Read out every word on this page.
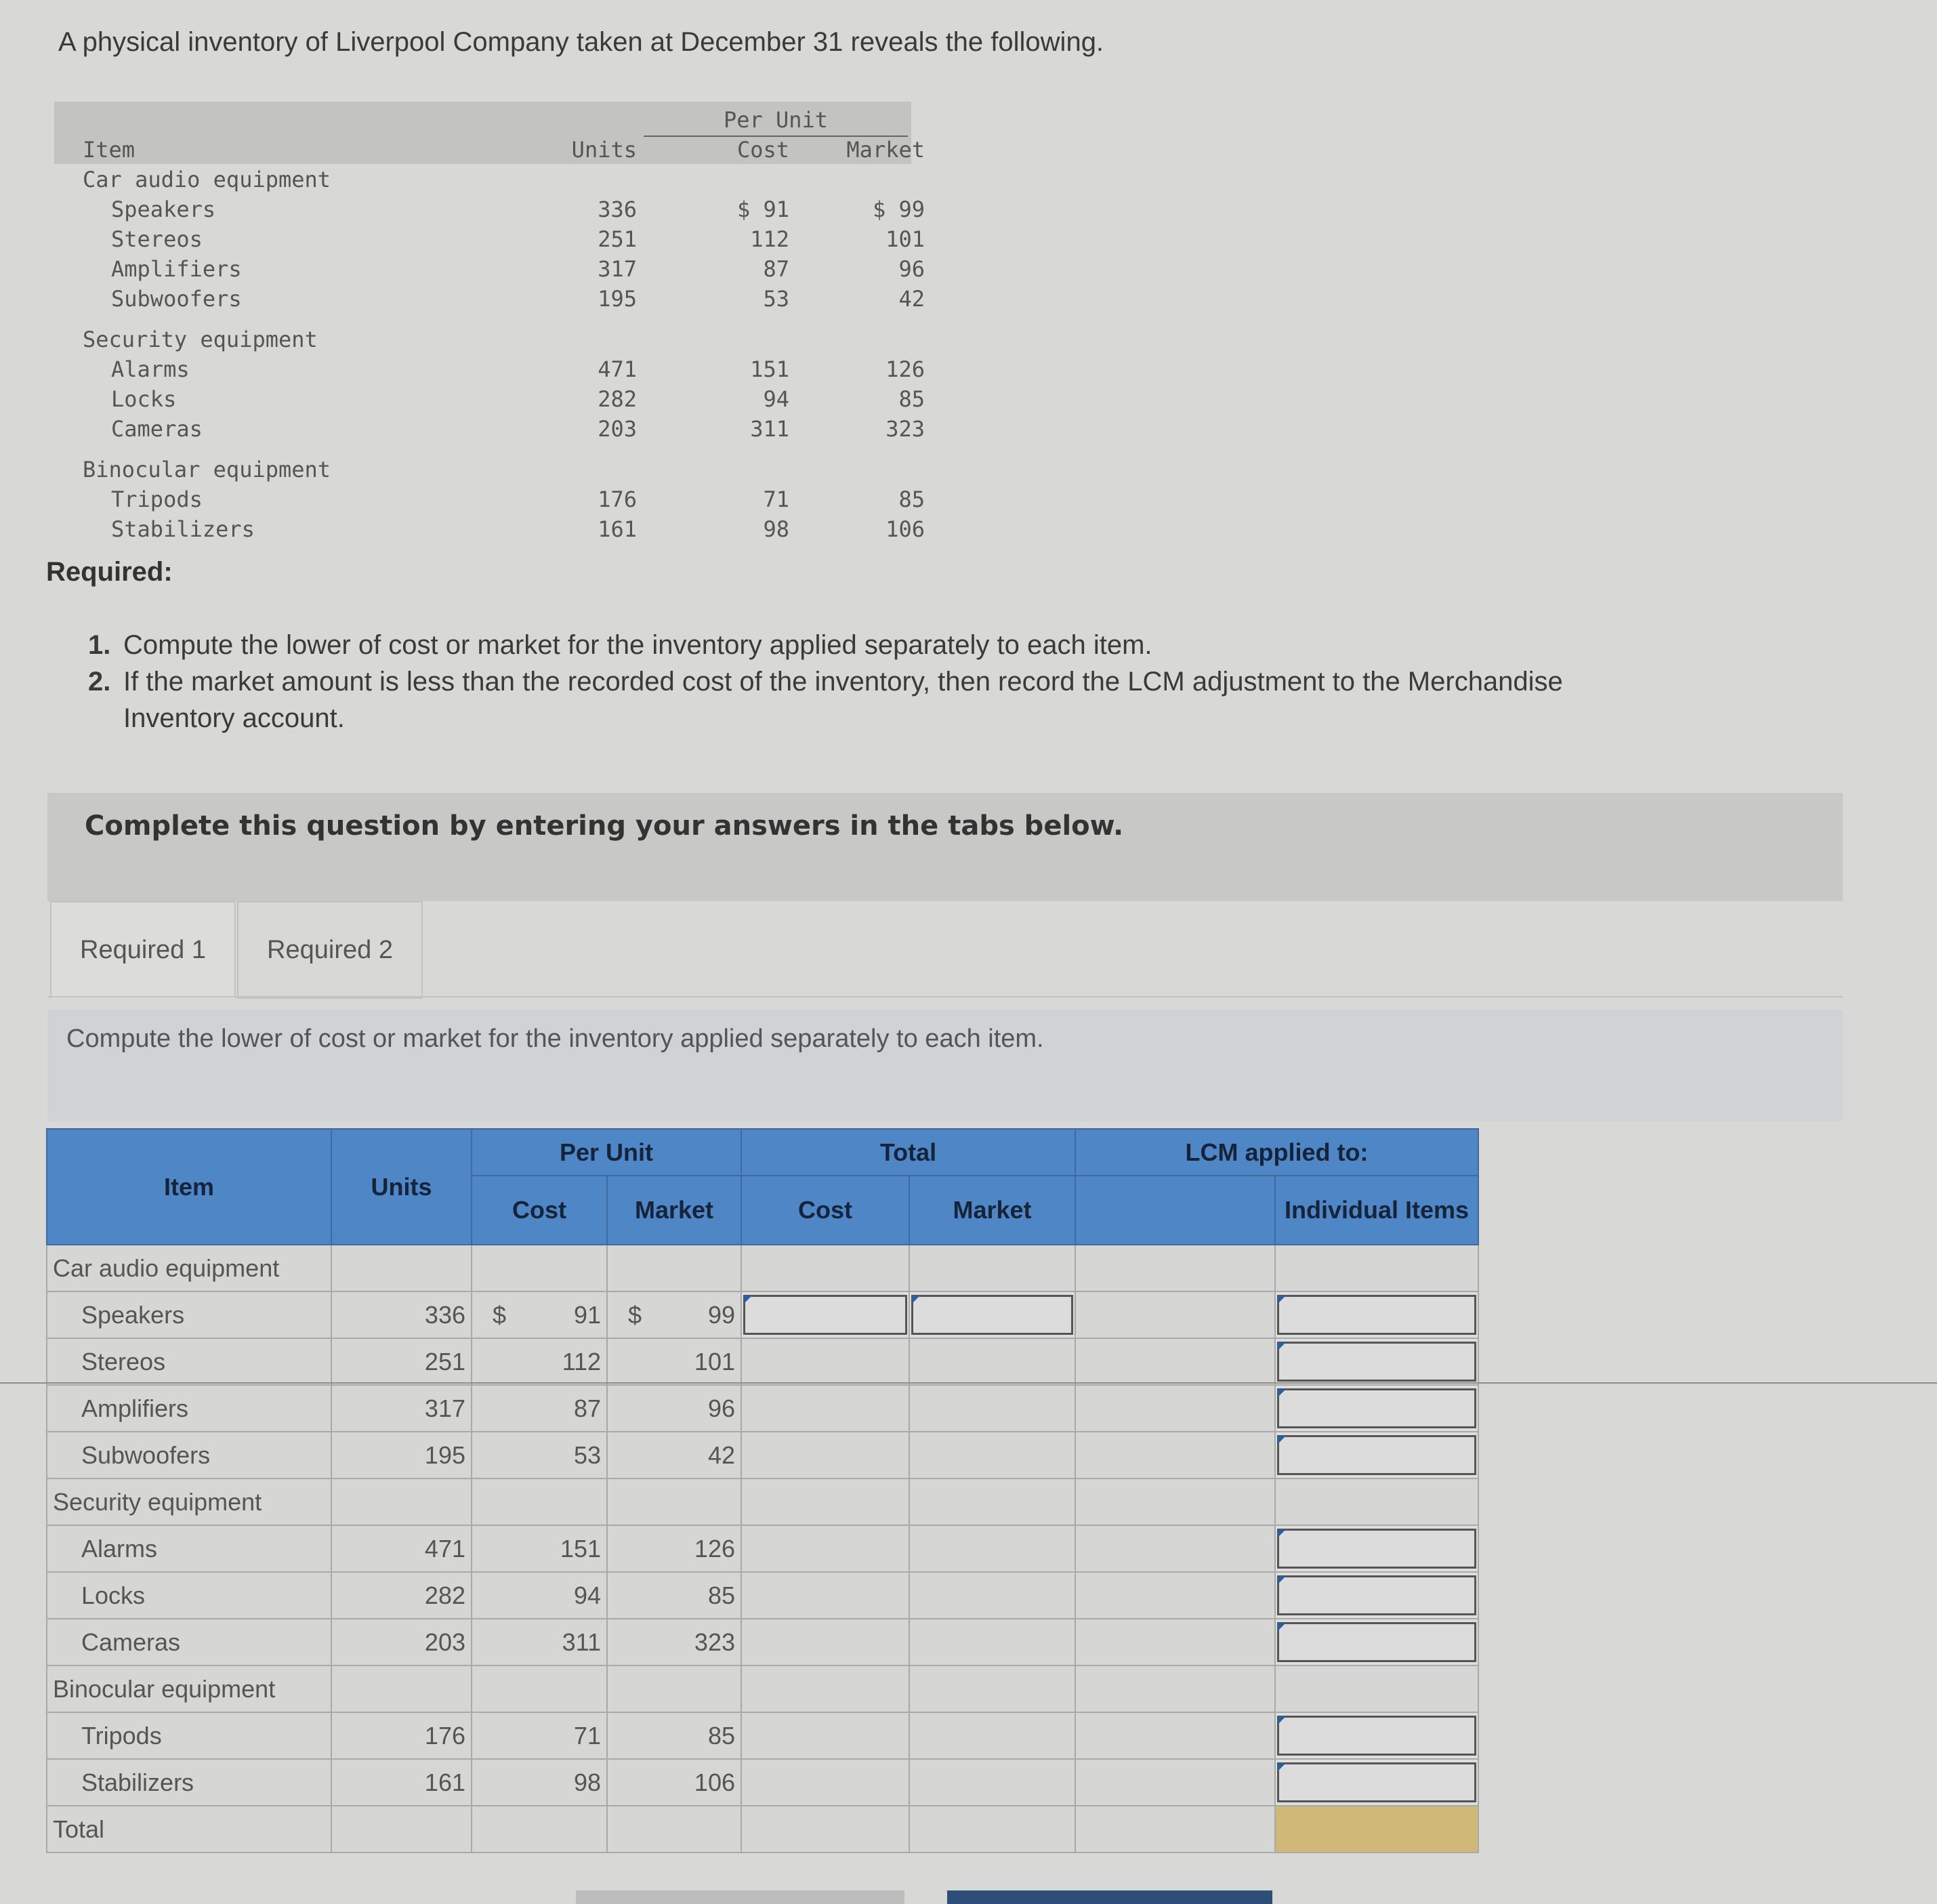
A physical inventory of Liverpool Company taken at December 31 reveals the following.
Per Unit
Item	Units	Cost	Market
Car audio equipment
Speakers	336	$ 91	$ 99
Stereos	251	112	101
Amplifiers	317	87	96
Subwoofers	195	53	42
Security equipment
Alarms	471	151	126
Locks	282	94	85
Cameras	203	311	323
Binocular equipment
Tripods	176	71	85
Stabilizers	161	98	106
Required:
1. Compute the lower of cost or market for the inventory applied separately to each item.
2. If the market amount is less than the recorded cost of the inventory, then record the LCM adjustment to the Merchandise
Inventory account.
Complete this question by entering your answers in the tabs below.
Required 1	Required 2
Compute the lower of cost or market for the inventory applied separately to each item.
Item	Units	Per Unit		Total		LCM applied to:	
		Cost	Market	Cost	Market		Individual Items
Car audio equipment							
Speakers	336	$ 91	$ 99	

Stereos	251	112	101				

Amplifiers	317	87	96				

Subwoofers	195	53	42				

Security equipment							
Alarms	471	151	126				

Locks	282	94	85				

Cameras	203	311	323				

Binocular equipment							
Tripods	176	71	85				

Stabilizers	161	98	106				

Total							
